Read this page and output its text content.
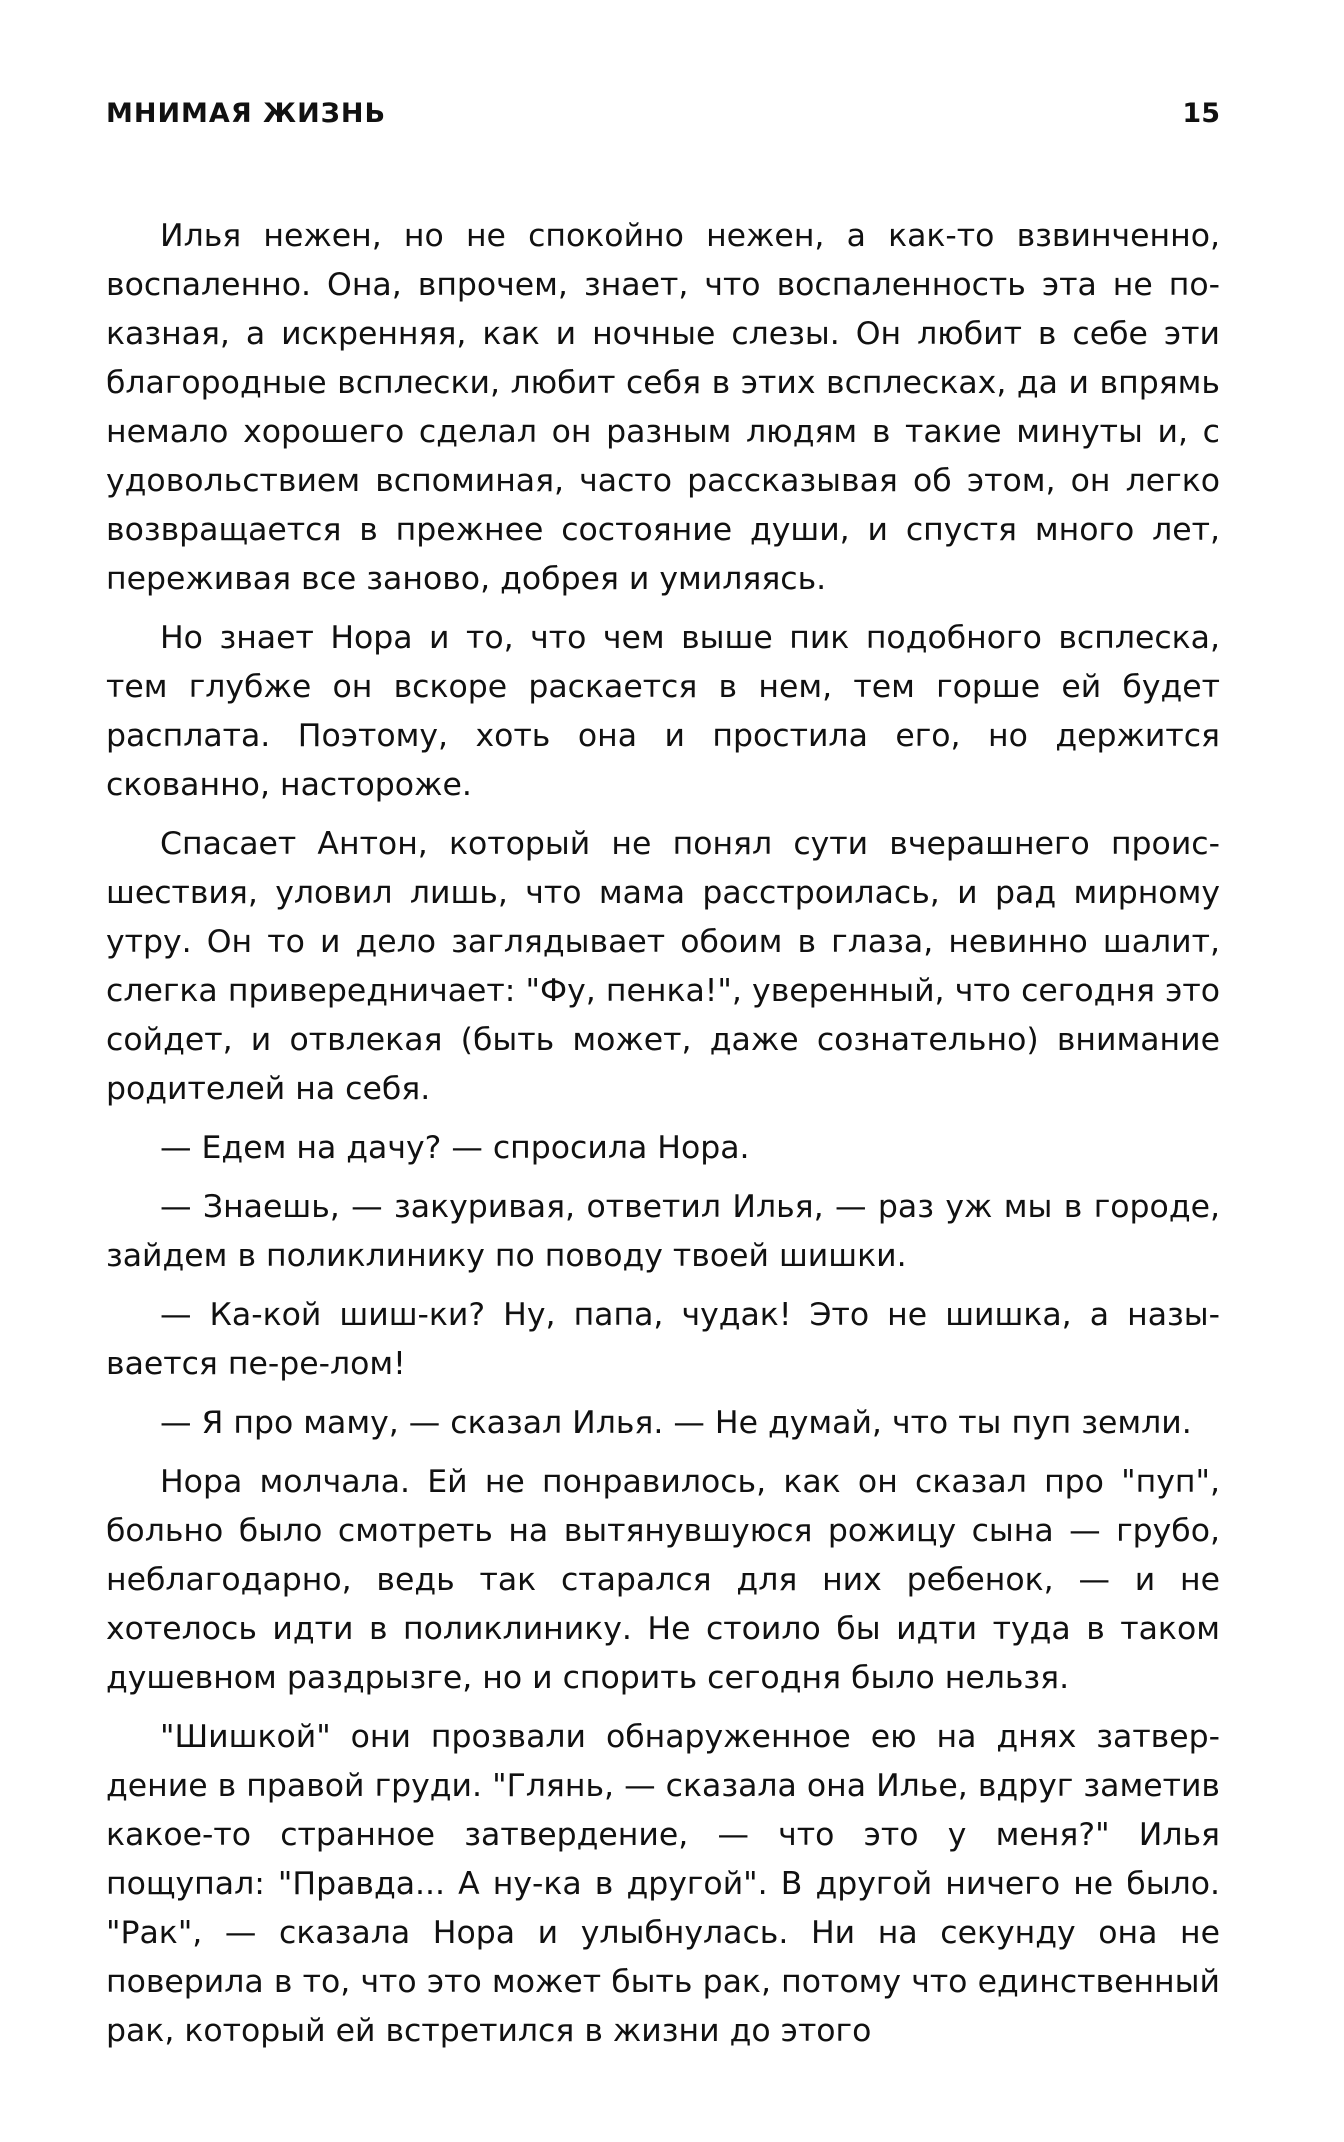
МНИМАЯ ЖИЗНЬ	15

Илья нежен, но не спокойно нежен, а как-то взвинченно, воспаленно. Она, впрочем, знает, что воспаленность эта не показная, а искренняя, как и ночные слезы. Он любит в себе эти благородные всплески, любит себя в этих всплесках, да и впрямь немало хорошего сделал он разным людям в такие минуты и, с удовольствием вспоминая, часто рассказывая об этом, он легко возвращается в прежнее состояние души, и спустя много лет, переживая все заново, добрея и умиляясь.

Но знает Нора и то, что чем выше пик подобного всплеска, тем глубже он вскоре раскается в нем, тем горше ей будет расплата. Поэтому, хоть она и простила его, но держится скованно, настороже.

Спасает Антон, который не понял сути вчерашнего происшествия, уловил лишь, что мама расстроилась, и рад мирному утру. Он то и дело заглядывает обоим в глаза, невинно шалит, слегка привередничает: "Фу, пенка!", уверенный, что сегодня это сойдет, и отвлекая (быть может, даже сознательно) внимание родителей на себя.

— Едем на дачу? — спросила Нора.

— Знаешь, — закуривая, ответил Илья, — раз уж мы в городе, зайдем в поликлинику по поводу твоей шишки.

— Ка-кой шиш-ки? Ну, папа, чудак! Это не шишка, а называется пе-ре-лом!

— Я про маму, — сказал Илья. — Не думай, что ты пуп земли.

Нора молчала. Ей не понравилось, как он сказал про "пуп", больно было смотреть на вытянувшуюся рожицу сына — грубо, неблагодарно, ведь так старался для них ребенок, — и не хотелось идти в поликлинику. Не стоило бы идти туда в таком душевном раздрызге, но и спорить сегодня было нельзя.

"Шишкой" они прозвали обнаруженное ею на днях затвердение в правой груди. "Глянь, — сказала она Илье, вдруг заметив какое-то странное затвердение, — что это у меня?" Илья пощупал: "Правда... А ну-ка в другой". В другой ничего не было. "Рак", — сказала Нора и улыбнулась. Ни на секунду она не поверила в то, что это может быть рак, потому что единственный рак, который ей встретился в жизни до этого
